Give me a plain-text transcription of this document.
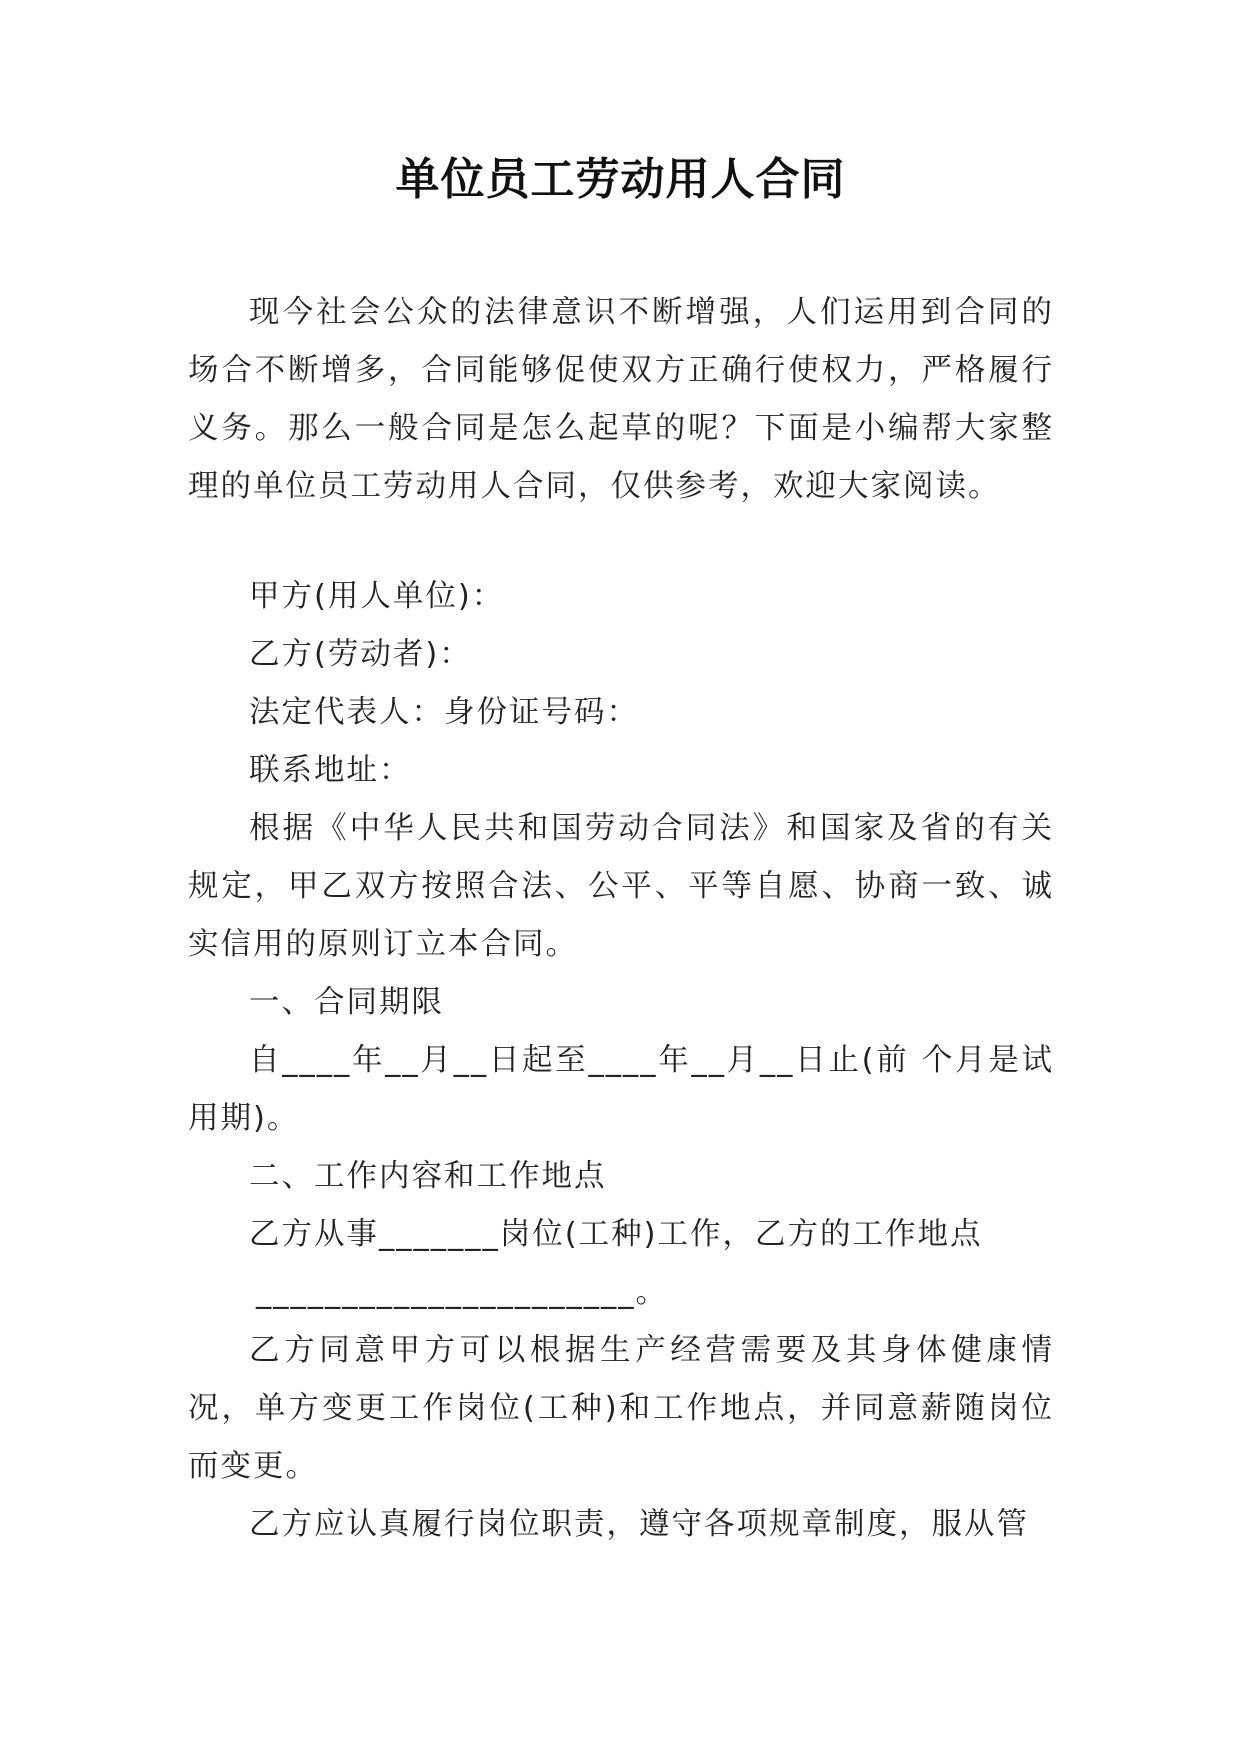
单位员工劳动用人合同

现今社会公众的法律意识不断增强，人们运用到合同的场合不断增多，合同能够促使双方正确行使权力，严格履行义务。那么一般合同是怎么起草的呢？下面是小编帮大家整理的单位员工劳动用人合同，仅供参考，欢迎大家阅读。

甲方(用人单位)：

乙方(劳动者)：

法定代表人：身份证号码：

联系地址：

根据《中华人民共和国劳动合同法》和国家及省的有关规定，甲乙双方按照合法、公平、平等自愿、协商一致、诚实信用的原则订立本合同。

一、合同期限

自____年__月__日起至____年__月__日止(前 个月是试用期)。

二、工作内容和工作地点

乙方从事_______岗位(工种)工作，乙方的工作地点

______________________。

乙方同意甲方可以根据生产经营需要及其身体健康情况，单方变更工作岗位(工种)和工作地点，并同意薪随岗位而变更。

乙方应认真履行岗位职责，遵守各项规章制度，服从管
